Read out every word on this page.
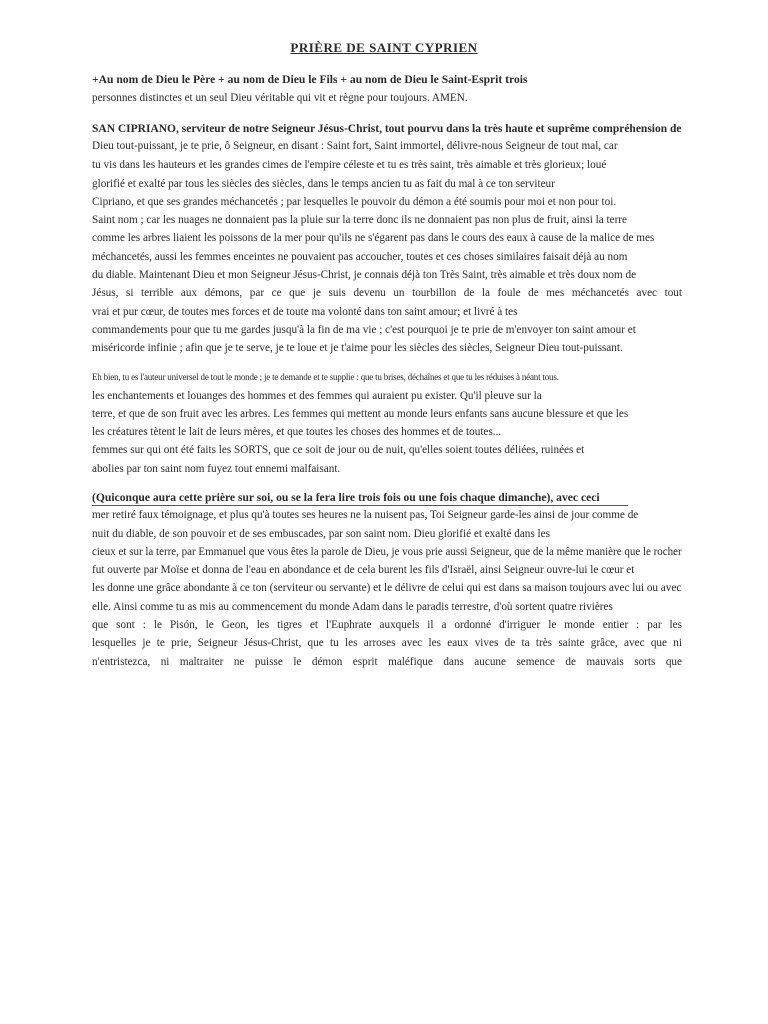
PRIÈRE DE SAINT CYPRIEN
+Au nom de Dieu le Père + au nom de Dieu le Fils + au nom de Dieu le Saint-Esprit trois
personnes distinctes et un seul Dieu véritable qui vit et règne pour toujours. AMEN.
SAN CIPRIANO, serviteur de notre Seigneur Jésus-Christ, tout pourvu dans la très haute et suprême compréhension de
Dieu tout-puissant, je te prie, ô Seigneur, en disant : Saint fort, Saint immortel, délivre-nous Seigneur de tout mal, car
tu vis dans les hauteurs et les grandes cimes de l'empire céleste et tu es très saint, très aimable et très glorieux; loué
glorifié et exalté par tous les siècles des siècles, dans le temps ancien tu as fait du mal à ce ton serviteur
Cipriano, et que ses grandes méchancetés ; par lesquelles le pouvoir du démon a été soumis pour moi et non pour toi.
Saint nom ; car les nuages ne donnaient pas la pluie sur la terre donc ils ne donnaient pas non plus de fruit, ainsi la terre
comme les arbres liaient les poissons de la mer pour qu'ils ne s'égarent pas dans le cours des eaux à cause de la malice de mes
méchancetés, aussi les femmes enceintes ne pouvaient pas accoucher, toutes et ces choses similaires faisait déjà au nom
du diable. Maintenant Dieu et mon Seigneur Jésus-Christ, je connais déjà ton Très Saint, très aimable et très doux nom de
Jésus, si terrible aux démons, par ce que je suis devenu un tourbillon de la foule de mes méchancetés avec tout
vrai et pur cœur, de toutes mes forces et de toute ma volonté dans ton saint amour; et livré à tes
commandements pour que tu me gardes jusqu'à la fin de ma vie ; c'est pourquoi je te prie de m'envoyer ton saint amour et
miséricorde infinie ; afin que je te serve, je te loue et je t'aime pour les siècles des siècles, Seigneur Dieu tout-puissant.
Eh bien, tu es l'auteur universel de tout le monde ; je te demande et te supplie : que tu brises, déchaînes et que tu les réduises à néant tous.
les enchantements et louanges des hommes et des femmes qui auraient pu exister. Qu'il pleuve sur la
terre, et que de son fruit avec les arbres. Les femmes qui mettent au monde leurs enfants sans aucune blessure et que les
les créatures tètent le lait de leurs mères, et que toutes les choses des hommes et de toutes...
femmes sur qui ont été faits les SORTS, que ce soit de jour ou de nuit, qu'elles soient toutes déliées, ruinées et
abolies par ton saint nom fuyez tout ennemi malfaisant.
(Quiconque aura cette prière sur soi, ou se la fera lire trois fois ou une fois chaque dimanche), avec ceci
mer retiré faux témoignage, et plus qu'à toutes ses heures ne la nuisent pas, Toi Seigneur garde-les ainsi de jour comme de
nuit du diable, de son pouvoir et de ses embuscades, par son saint nom. Dieu glorifié et exalté dans les
cieux et sur la terre, par Emmanuel que vous êtes la parole de Dieu, je vous prie aussi Seigneur, que de la même manière que le rocher
fut ouverte par Moïse et donna de l'eau en abondance et de cela burent les fils d'Israël, ainsi Seigneur ouvre-lui le cœur et
les donne une grâce abondante à ce ton (serviteur ou servante) et le délivre de celui qui est dans sa maison toujours avec lui ou avec
elle. Ainsi comme tu as mis au commencement du monde Adam dans le paradis terrestre, d'où sortent quatre rivières
que sont : le Pisón, le Geon, les tigres et l'Euphrate auxquels il a ordonné d'irriguer le monde entier : par les
lesquelles je te prie, Seigneur Jésus-Christ, que tu les arroses avec les eaux vives de ta très sainte grâce, avec que ni
n'entristezca, ni maltraiter ne puisse le démon esprit maléfique dans aucune semence de mauvais sorts que
